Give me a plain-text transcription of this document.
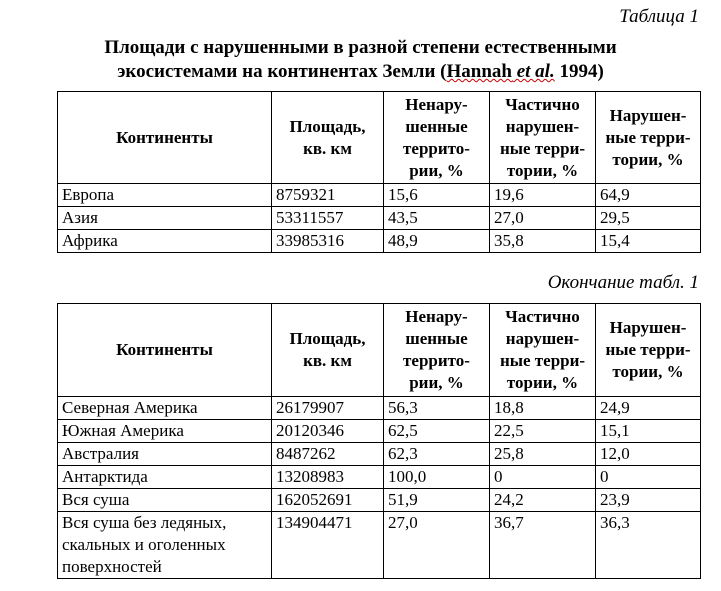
Таблица 1
Площади с нарушенными в разной степени естественными
экосистемами на континентах Земли (Hannah et al. 1994)
Континенты	Площадь, кв. км	Ненару-шенные террито-рии, %	Частично нарушен-ные терри-тории, %	Нарушен-ные терри-тории, %
Европа	8759321	15,6	19,6	64,9
Азия	53311557	43,5	27,0	29,5
Африка	33985316	48,9	35,8	15,4
Окончание табл. 1
Континенты	Площадь, кв. км	Ненару-шенные террито-рии, %	Частично нарушен-ные терри-тории, %	Нарушен-ные терри-тории, %
Северная Америка	26179907	56,3	18,8	24,9
Южная Америка	20120346	62,5	22,5	15,1
Австралия	8487262	62,3	25,8	12,0
Антарктида	13208983	100,0	0	0
Вся суша	162052691	51,9	24,2	23,9
Вся суша без ледяных, скальных и оголенных поверхностей	134904471	27,0	36,7	36,3
